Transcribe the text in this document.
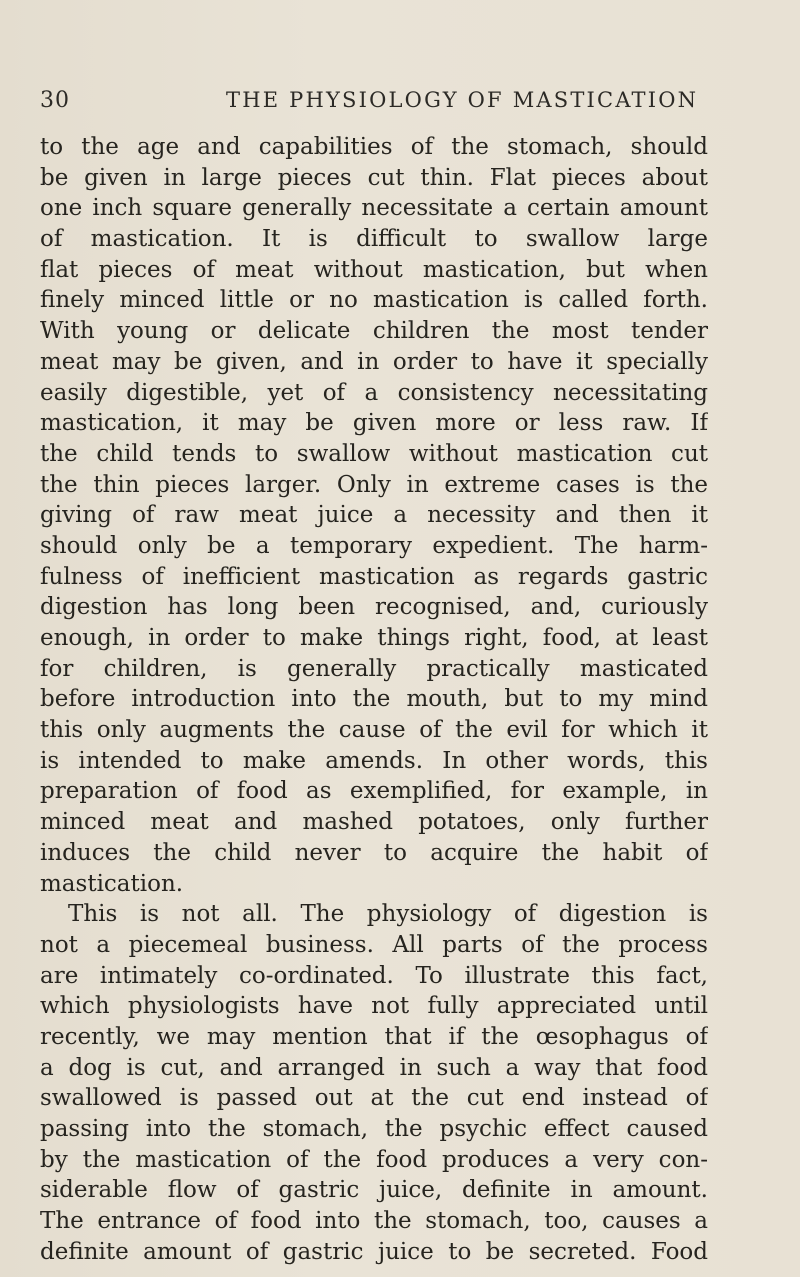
30	THE PHYSIOLOGY OF MASTICATION
to the age and capabilities of the stomach, should
be given in large pieces cut thin. Flat pieces about
one inch square generally necessitate a certain amount
of mastication. It is difficult to swallow large
flat pieces of meat without mastication, but when
finely minced little or no mastication is called forth.
With young or delicate children the most tender
meat may be given, and in order to have it specially
easily digestible, yet of a consistency necessitating
mastication, it may be given more or less raw. If
the child tends to swallow without mastication cut
the thin pieces larger. Only in extreme cases is the
giving of raw meat juice a necessity and then it
should only be a temporary expedient. The harm-
fulness of inefficient mastication as regards gastric
digestion has long been recognised, and, curiously
enough, in order to make things right, food, at least
for children, is generally practically masticated
before introduction into the mouth, but to my mind
this only augments the cause of the evil for which it
is intended to make amends. In other words, this
preparation of food as exemplified, for example, in
minced meat and mashed potatoes, only further
induces the child never to acquire the habit of
mastication.
This is not all. The physiology of digestion is
not a piecemeal business. All parts of the process
are intimately co-ordinated. To illustrate this fact,
which physiologists have not fully appreciated until
recently, we may mention that if the œsophagus of
a dog is cut, and arranged in such a way that food
swallowed is passed out at the cut end instead of
passing into the stomach, the psychic effect caused
by the mastication of the food produces a very con-
siderable flow of gastric juice, definite in amount.
The entrance of food into the stomach, too, causes a
definite amount of gastric juice to be secreted. Food
